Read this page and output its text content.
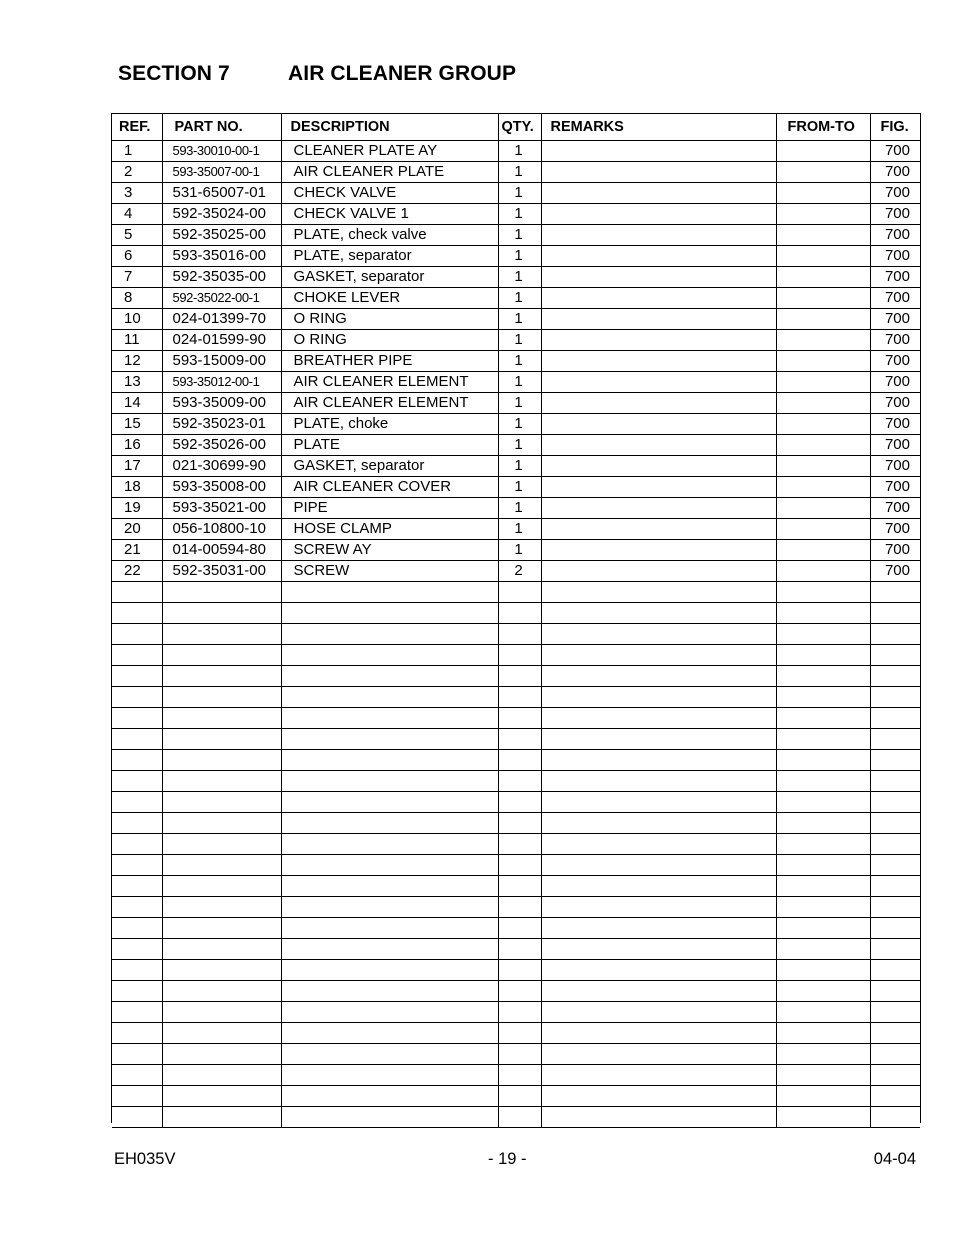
SECTION 7	AIR CLEANER GROUP
REF.	PART NO.	DESCRIPTION	QTY.	REMARKS	FROM-TO	FIG.
1	593-30010-00-1	CLEANER PLATE AY	1			700
2	593-35007-00-1	AIR CLEANER PLATE	1			700
3	531-65007-01	CHECK VALVE	1			700
4	592-35024-00	CHECK VALVE 1	1			700
5	592-35025-00	PLATE, check valve	1			700
6	593-35016-00	PLATE, separator	1			700
7	592-35035-00	GASKET, separator	1			700
8	592-35022-00-1	CHOKE LEVER	1			700
10	024-01399-70	O RING	1			700
11	024-01599-90	O RING	1			700
12	593-15009-00	BREATHER PIPE	1			700
13	593-35012-00-1	AIR CLEANER ELEMENT	1			700
14	593-35009-00	AIR CLEANER ELEMENT	1			700
15	592-35023-01	PLATE, choke	1			700
16	592-35026-00	PLATE	1			700
17	021-30699-90	GASKET, separator	1			700
18	593-35008-00	AIR CLEANER COVER	1			700
19	593-35021-00	PIPE	1			700
20	056-10800-10	HOSE CLAMP	1			700
21	014-00594-80	SCREW AY	1			700
22	592-35031-00	SCREW	2			700

EH035V	- 19 -	04-04
